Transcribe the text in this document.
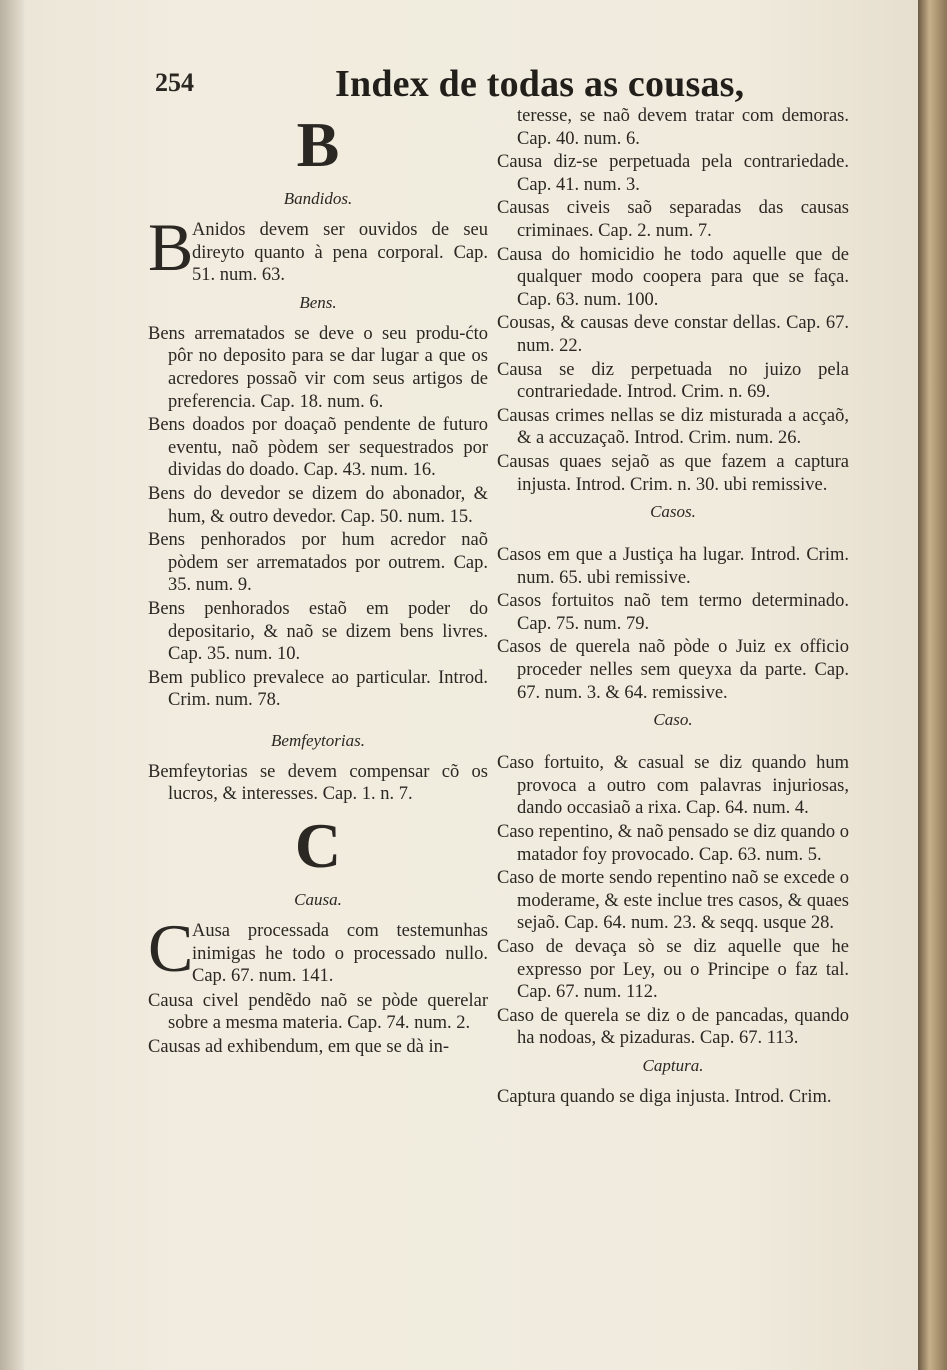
254	Index de todas as cousas,
B
Bandidos.
B
Anidos devem ser ouvidos de seu direyto quanto à pena corporal. Cap. 51. num. 63.
Bens.

Bens arrematados se deve o seu produ-ćto pôr no deposito para se dar lugar a que os acredores possaõ vir com seus artigos de preferencia. Cap. 18. num. 6.

Bens doados por doaçaõ pendente de futuro eventu, naõ pòdem ser sequestrados por dividas do doado. Cap. 43. num. 16.

Bens do devedor se dizem do abonador, & hum, & outro devedor. Cap. 50. num. 15.

Bens penhorados por hum acredor naõ pòdem ser arrematados por outrem. Cap. 35. num. 9.

Bens penhorados estaõ em poder do depositario, & naõ se dizem bens livres. Cap. 35. num. 10.

Bem publico prevalece ao particular. Introd. Crim. num. 78.

Bemfeytorias.

Bemfeytorias se devem compensar cõ os lucros, & interesses. Cap. 1. n. 7.

C
Causa.
C
Ausa processada com testemunhas inimigas he todo o processado nullo. Cap. 67. num. 141.

Causa civel pendẽdo naõ se pòde querelar sobre a mesma materia. Cap. 74. num. 2.

Causas ad exhibendum, em que se dà in-

teresse, se naõ devem tratar com demoras. Cap. 40. num. 6.

Causa diz-se perpetuada pela contrariedade. Cap. 41. num. 3.

Causas civeis saõ separadas das causas criminaes. Cap. 2. num. 7.

Causa do homicidio he todo aquelle que de qualquer modo coopera para que se faça. Cap. 63. num. 100.

Cousas, & causas deve constar dellas. Cap. 67. num. 22.

Causa se diz perpetuada no juizo pela contrariedade. Introd. Crim. n. 69.

Causas crimes nellas se diz misturada a acçaõ, & a accuzaçaõ. Introd. Crim. num. 26.

Causas quaes sejaõ as que fazem a captura injusta. Introd. Crim. n. 30. ubi remissive.

Casos.

Casos em que a Justiça ha lugar. Introd. Crim. num. 65. ubi remissive.

Casos fortuitos naõ tem termo determinado. Cap. 75. num. 79.

Casos de querela naõ pòde o Juiz ex officio proceder nelles sem queyxa da parte. Cap. 67. num. 3. & 64. remissive.

Caso.

Caso fortuito, & casual se diz quando hum provoca a outro com palavras injuriosas, dando occasiaõ a rixa. Cap. 64. num. 4.

Caso repentino, & naõ pensado se diz quando o matador foy provocado. Cap. 63. num. 5.

Caso de morte sendo repentino naõ se excede o moderame, & este inclue tres casos, & quaes sejaõ. Cap. 64. num. 23. & seqq. usque 28.

Caso de devaça sò se diz aquelle que he expresso por Ley, ou o Principe o faz tal. Cap. 67. num. 112.

Caso de querela se diz o de pancadas, quando ha nodoas, & pizaduras. Cap. 67. 113.

Captura.

Captura quando se diga injusta. Introd. Crim.
